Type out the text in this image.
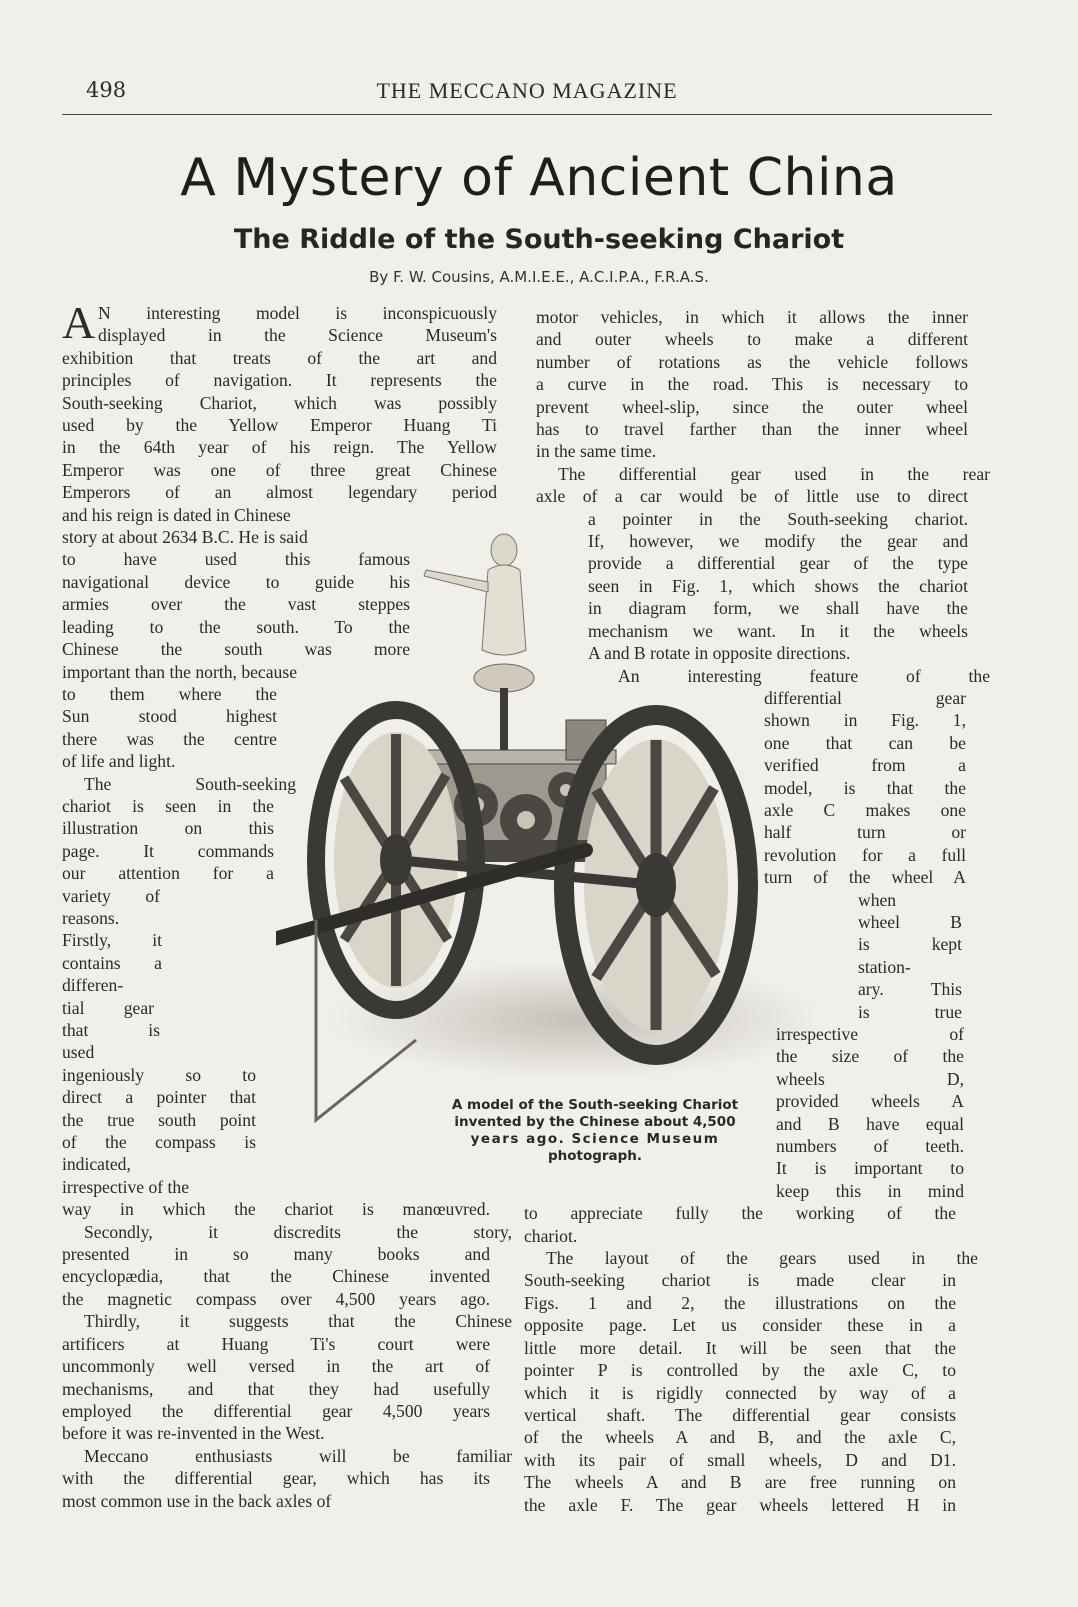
498	THE MECCANO MAGAZINE
A Mystery of Ancient China
The Riddle of the South-seeking Chariot
By F. W. Cousins, A.M.I.E.E., A.C.I.P.A., F.R.A.S.
A model of the South-seeking Chariot
invented by the Chinese about 4,500
years ago. Science Museum
photograph.
A N interesting model is inconspicuously
displayed in the Science Museum's
exhibition that treats of the art and
principles of navigation. It represents the
South-seeking Chariot, which was possibly
used by the Yellow Emperor Huang Ti
in the 64th year of his reign. The Yellow
Emperor was one of three great Chinese
Emperors of an almost legendary period
and his reign is dated in Chinese
story at about 2634 B.C. He is said
to have used this famous
navigational device to guide his
armies over the vast steppes
leading to the south. To the
Chinese the south was more
important than the north, because
to them where the
Sun stood highest
there was the centre
of life and light.
The South-seeking
chariot is seen in the
illustration on this
page. It commands
our attention for a
variety of
reasons.
Firstly, it
contains a
differen-
tial gear
that is
used
ingeniously so to
direct a pointer that
the true south point
of the compass is
indicated,
irrespective of the
way in which the chariot is manœuvred.
Secondly, it discredits the story,
presented in so many books and
encyclopædia, that the Chinese invented
the magnetic compass over 4,500 years ago.
Thirdly, it suggests that the Chinese
artificers at Huang Ti's court were
uncommonly well versed in the art of
mechanisms, and that they had usefully
employed the differential gear 4,500 years
before it was re-invented in the West.
Meccano enthusiasts will be familiar
with the differential gear, which has its
most common use in the back axles of
motor vehicles, in which it allows the inner
and outer wheels to make a different
number of rotations as the vehicle follows
a curve in the road. This is necessary to
prevent wheel-slip, since the outer wheel
has to travel farther than the inner wheel
in the same time.
The differential gear used in the rear
axle of a car would be of little use to direct
a pointer in the South-seeking chariot.
If, however, we modify the gear and
provide a differential gear of the type
seen in Fig. 1, which shows the chariot
in diagram form, we shall have the
mechanism we want. In it the wheels
A and B rotate in opposite directions.
An interesting feature of the
differential gear
shown in Fig. 1,
one that can be
verified from a
model, is that the
axle C makes one
half turn or
revolution for a full
turn of the wheel A
when
wheel B
is kept
station-
ary. This
is true
irrespective of
the size of the
wheels D,
provided wheels A
and B have equal
numbers of teeth.
It is important to
keep this in mind
to appreciate fully the working of the
chariot.
The layout of the gears used in the
South-seeking chariot is made clear in
Figs. 1 and 2, the illustrations on the
opposite page. Let us consider these in a
little more detail. It will be seen that the
pointer P is controlled by the axle C, to
which it is rigidly connected by way of a
vertical shaft. The differential gear consists
of the wheels A and B, and the axle C,
with its pair of small wheels, D and D1.
The wheels A and B are free running on
the axle F. The gear wheels lettered H in
